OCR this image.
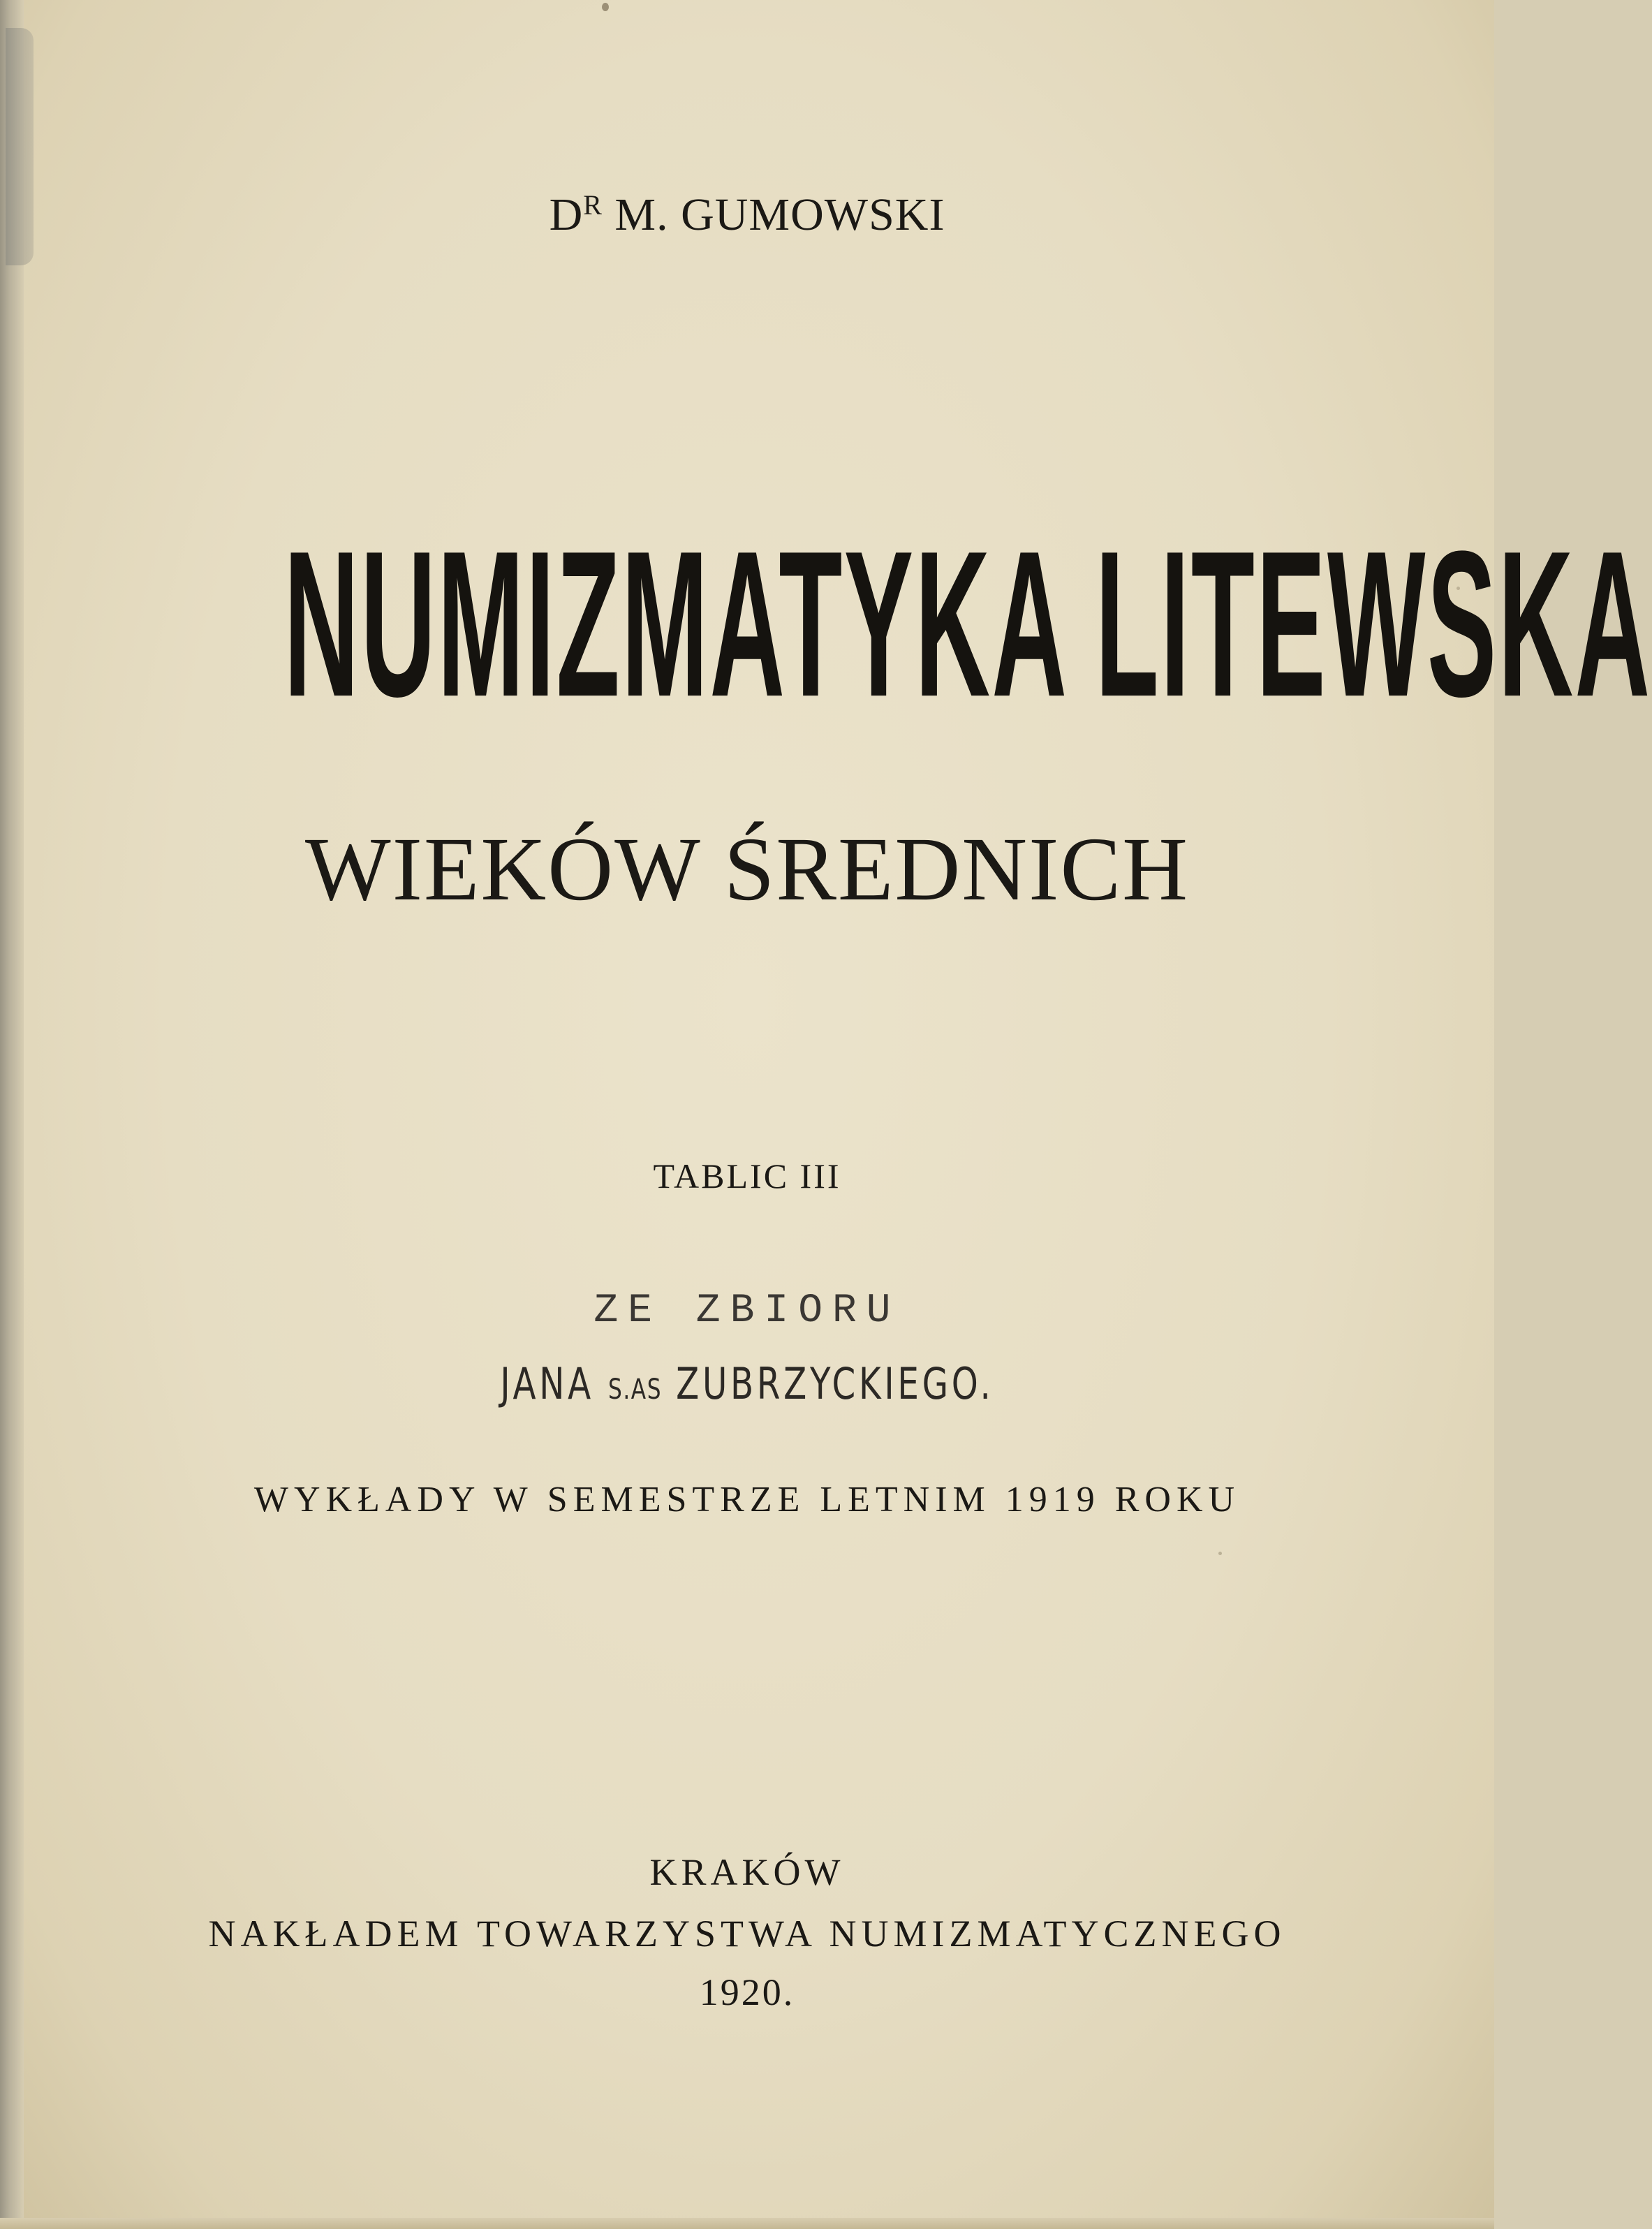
$D^R$ M. GUMOWSKI
NUMIZMATYKA LITEWSKA
WIEKÓW ŚREDNICH
TABLIC III
ZE ZBIORU
JANA S.AS ZUBRZYCKIEGO.
WYKŁADY W SEMESTRZE LETNIM 1919 ROKU
KRAKÓW
NAKŁADEM TOWARZYSTWA NUMIZMATYCZNEGO
1920.
